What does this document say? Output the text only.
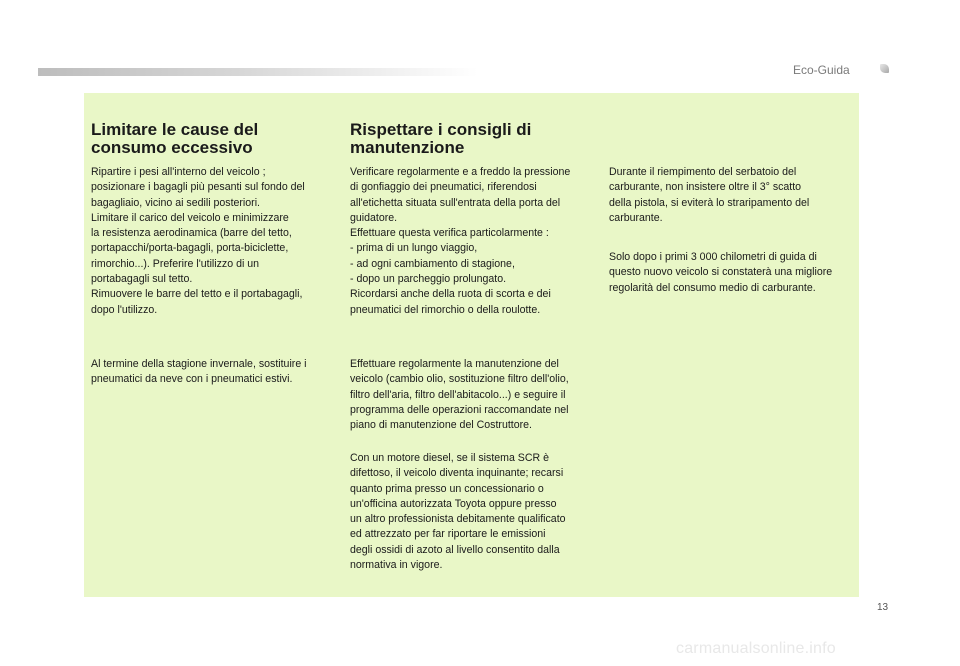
Eco-Guida
Limitare le cause del
consumo eccessivo

Ripartire i pesi all'interno del veicolo ;
posizionare i bagagli più pesanti sul fondo del
bagagliaio, vicino ai sedili posteriori.
Limitare il carico del veicolo e minimizzare
la resistenza aerodinamica (barre del tetto,
portapacchi/porta-bagagli, porta-biciclette,
rimorchio...). Preferire l'utilizzo di un
portabagagli sul tetto.
Rimuovere le barre del tetto e il portabagagli,
dopo l'utilizzo.

Al termine della stagione invernale, sostituire i
pneumatici da neve con i pneumatici estivi.

Rispettare i consigli di
manutenzione

Verificare regolarmente e a freddo la pressione
di gonfiaggio dei pneumatici, riferendosi
all'etichetta situata sull'entrata della porta del
guidatore.
Effettuare questa verifica particolarmente :
- prima di un lungo viaggio,
- ad ogni cambiamento di stagione,
- dopo un parcheggio prolungato.
Ricordarsi anche della ruota di scorta e dei
pneumatici del rimorchio o della roulotte.

Effettuare regolarmente la manutenzione del
veicolo (cambio olio, sostituzione filtro dell'olio,
filtro dell'aria, filtro dell'abitacolo...) e seguire il
programma delle operazioni raccomandate nel
piano di manutenzione del Costruttore.

Con un motore diesel, se il sistema SCR è
difettoso, il veicolo diventa inquinante; recarsi
quanto prima presso un concessionario o
un'officina autorizzata Toyota oppure presso
un altro professionista debitamente qualificato
ed attrezzato per far riportare le emissioni
degli ossidi di azoto al livello consentito dalla
normativa in vigore.

Durante il riempimento del serbatoio del
carburante, non insistere oltre il 3° scatto
della pistola, si eviterà lo straripamento del
carburante.

Solo dopo i primi 3 000 chilometri di guida di
questo nuovo veicolo si constaterà una migliore
regolarità del consumo medio di carburante.

13
carmanualsonline.info
